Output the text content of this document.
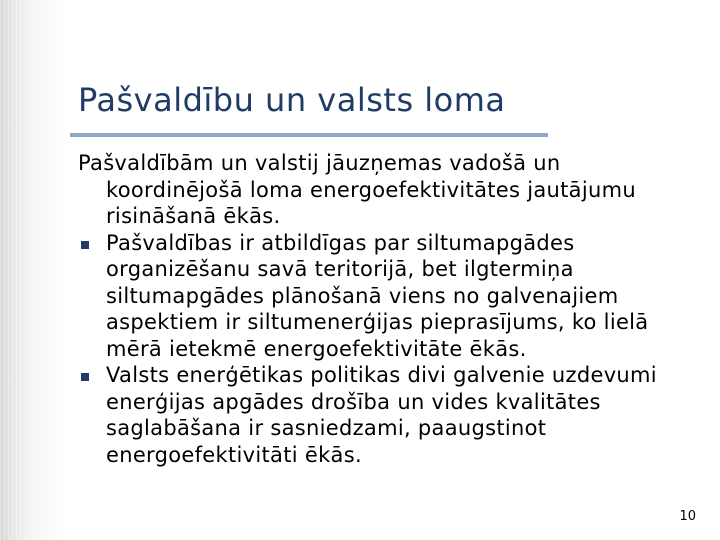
Pašvaldību un valsts loma

Pašvaldībām un valstij jāuzņemas vadošā un koordinējošā loma energoefektivitātes jautājumu risināšanā ēkās.

Pašvaldības ir atbildīgas par siltumapgādes organizēšanu savā teritorijā, bet ilgtermiņa siltumapgādes plānošanā viens no galvenajiem aspektiem ir siltumenerģijas pieprasījums, ko lielā mērā ietekmē energoefektivitāte ēkās.
Valsts enerģētikas politikas divi galvenie uzdevumi enerģijas apgādes drošība un vides kvalitātes saglabāšana ir sasniedzami, paaugstinot energoefektivitāti ēkās.
10
